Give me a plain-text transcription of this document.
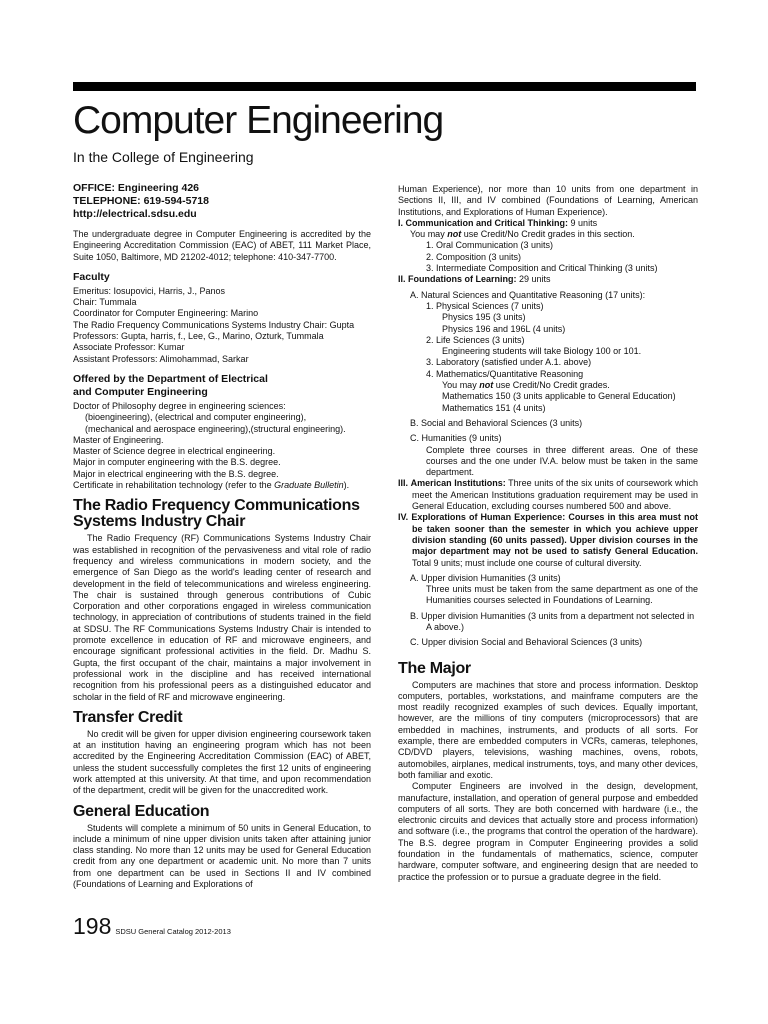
Computer Engineering

In the College of Engineering

OFFICE: Engineering 426
TELEPHONE: 619-594-5718
http://electrical.sdsu.edu

The undergraduate degree in Computer Engineering is accredited by the Engineering Accreditation Commission (EAC) of ABET, 111 Market Place, Suite 1050, Baltimore, MD 21202-4012; telephone: 410-347-7700.

Faculty
Emeritus: Iosupovici, Harris, J., Panos
Chair: Tummala
Coordinator for Computer Engineering: Marino
The Radio Frequency Communications Systems Industry Chair: Gupta
Professors: Gupta, harris, f., Lee, G., Marino, Ozturk, Tummala
Associate Professor: Kumar
Assistant Professors: Alimohammad, Sarkar
Offered by the Department of Electrical and Computer Engineering
Doctor of Philosophy degree in engineering sciences:
(bioengineering), (electrical and computer engineering),
(mechanical and aerospace engineering),(structural engineering).
Master of Engineering.
Master of Science degree in electrical engineering.
Major in computer engineering with the B.S. degree.
Major in electrical engineering with the B.S. degree.
Certificate in rehabilitation technology (refer to the Graduate Bulletin).
The Radio Frequency Communications Systems Industry Chair

The Radio Frequency (RF) Communications Systems Industry Chair was established in recognition of the pervasiveness and vital role of radio frequency and wireless communications in modern society, and the emergence of San Diego as the world's leading center of research and development in the field of telecommunications and wireless engineering. The chair is sustained through generous contributions of Cubic Corporation and other corporations engaged in wireless communication technology, in appreciation of contributions of students trained in the field at SDSU. The RF Communications Systems Industry Chair is intended to promote excellence in education of RF and microwave engineers, and encourage significant professional activities in the field. Dr. Madhu S. Gupta, the first occupant of the chair, maintains a major involvement in professional work in the discipline and has received international recognition from his professional peers as a distinguished educator and scholar in the field of RF and microwave engineering.

Transfer Credit

No credit will be given for upper division engineering coursework taken at an institution having an engineering program which has not been accredited by the Engineering Accreditation Commission (EAC) of ABET, unless the student successfully completes the first 12 units of engineering work attempted at this university. At that time, and upon recommendation of the department, credit will be given for the unaccredited work.

General Education

Students will complete a minimum of 50 units in General Education, to include a minimum of nine upper division units taken after attaining junior class standing. No more than 12 units may be used for General Education credit from any one department or academic unit. No more than 7 units from one department can be used in Sections II and IV combined (Foundations of Learning and Explorations of

Human Experience), nor more than 10 units from one department in Sections II, III, and IV combined (Foundations of Learning, American Institutions, and Explorations of Human Experience).

I. Communication and Critical Thinking: 9 units
You may not use Credit/No Credit grades in this section.
1. Oral Communication (3 units)
2. Composition (3 units)
3. Intermediate Composition and Critical Thinking (3 units)
II. Foundations of Learning: 29 units
A. Natural Sciences and Quantitative Reasoning (17 units):
1. Physical Sciences (7 units)
Physics 195 (3 units)
Physics 196 and 196L (4 units)
2. Life Sciences (3 units)
Engineering students will take Biology 100 or 101.
3. Laboratory (satisfied under A.1. above)
4. Mathematics/Quantitative Reasoning
You may not use Credit/No Credit grades.
Mathematics 150 (3 units applicable to General Education)
Mathematics 151 (4 units)
B. Social and Behavioral Sciences (3 units)
C. Humanities (9 units)

Complete three courses in three different areas. One of these courses and the one under IV.A. below must be taken in the same department.

III. American Institutions: Three units of the six units of coursework which meet the American Institutions graduation requirement may be used in General Education, excluding courses numbered 500 and above.

IV. Explorations of Human Experience: Courses in this area must not be taken sooner than the semester in which you achieve upper division standing (60 units passed). Upper division courses in the major department may not be used to satisfy General Education. Total 9 units; must include one course of cultural diversity.

A. Upper division Humanities (3 units)

Three units must be taken from the same department as one of the Humanities courses selected in Foundations of Learning.

B. Upper division Humanities (3 units from a department not selected in A above.)

C. Upper division Social and Behavioral Sciences (3 units)
The Major

Computers are machines that store and process information. Desktop computers, portables, workstations, and mainframe computers are the most readily recognized examples of such devices. Equally important, however, are the millions of tiny computers (microprocessors) that are embedded in machines, instruments, and products of all sorts. For example, there are embedded computers in VCRs, cameras, telephones, CD/DVD players, televisions, washing machines, ovens, robots, automobiles, airplanes, medical instruments, toys, and many other devices, both familiar and exotic.

Computer Engineers are involved in the design, development, manufacture, installation, and operation of general purpose and embedded computers of all sorts. They are both concerned with hardware (i.e., the electronic circuits and devices that actually store and process information) and software (i.e., the programs that control the operation of the hardware). The B.S. degree program in Computer Engineering provides a solid foundation in the fundamentals of mathematics, science, computer hardware, computer software, and engineering design that are needed to practice the profession or to pursue a graduate degree in the field.

198 SDSU General Catalog 2012-2013
